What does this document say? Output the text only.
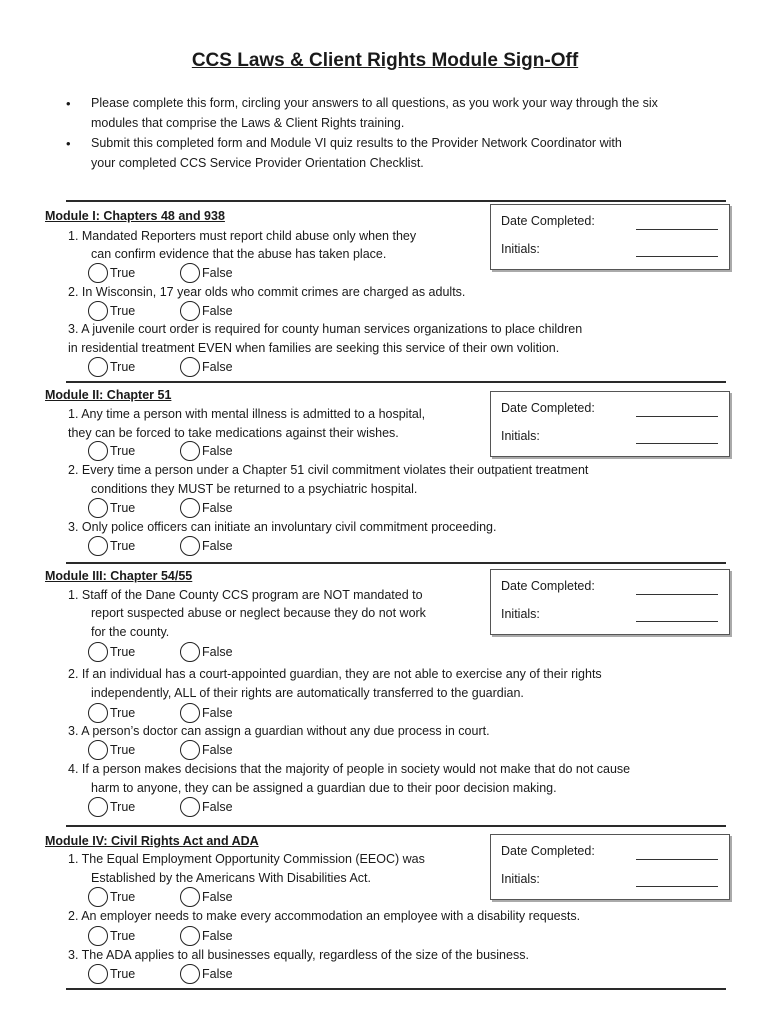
CCS Laws & Client Rights Module Sign-Off
• Please complete this form, circling your answers to all questions, as you work your way through the six
modules that comprise the Laws & Client Rights training.
• Submit this completed form and Module VI quiz results to the Provider Network Coordinator with
your completed CCS Service Provider Orientation Checklist.
Module I: Chapters 48 and 938	Date Completed:
Initials:
1. Mandated Reporters must report child abuse only when they
can confirm evidence that the abuse has taken place.
True	False
2. In Wisconsin, 17 year olds who commit crimes are charged as adults.
True	False
3. A juvenile court order is required for county human services organizations to place children
in residential treatment EVEN when families are seeking this service of their own volition.
True	False
Module II: Chapter 51
Date Completed:
Initials:
1. Any time a person with mental illness is admitted to a hospital,
they can be forced to take medications against their wishes.
True	False
2. Every time a person under a Chapter 51 civil commitment violates their outpatient treatment
conditions they MUST be returned to a psychiatric hospital.
True	False
3. Only police officers can initiate an involuntary civil commitment proceeding.
True	False
Module III: Chapter 54/55
Date Completed:
Initials:
1. Staff of the Dane County CCS program are NOT mandated to
report suspected abuse or neglect because they do not work
for the county.
True	False
2. If an individual has a court-appointed guardian, they are not able to exercise any of their rights
independently, ALL of their rights are automatically transferred to the guardian.
True	False
3. A person’s doctor can assign a guardian without any due process in court.
True	False
4. If a person makes decisions that the majority of people in society would not make that do not cause
harm to anyone, they can be assigned a guardian due to their poor decision making.
True	False
Module IV: Civil Rights Act and ADA
Date Completed:
Initials:
1. The Equal Employment Opportunity Commission (EEOC) was
Established by the Americans With Disabilities Act.
True	False
2. An employer needs to make every accommodation an employee with a disability requests.
True	False
3. The ADA applies to all businesses equally, regardless of the size of the business.
True	False
